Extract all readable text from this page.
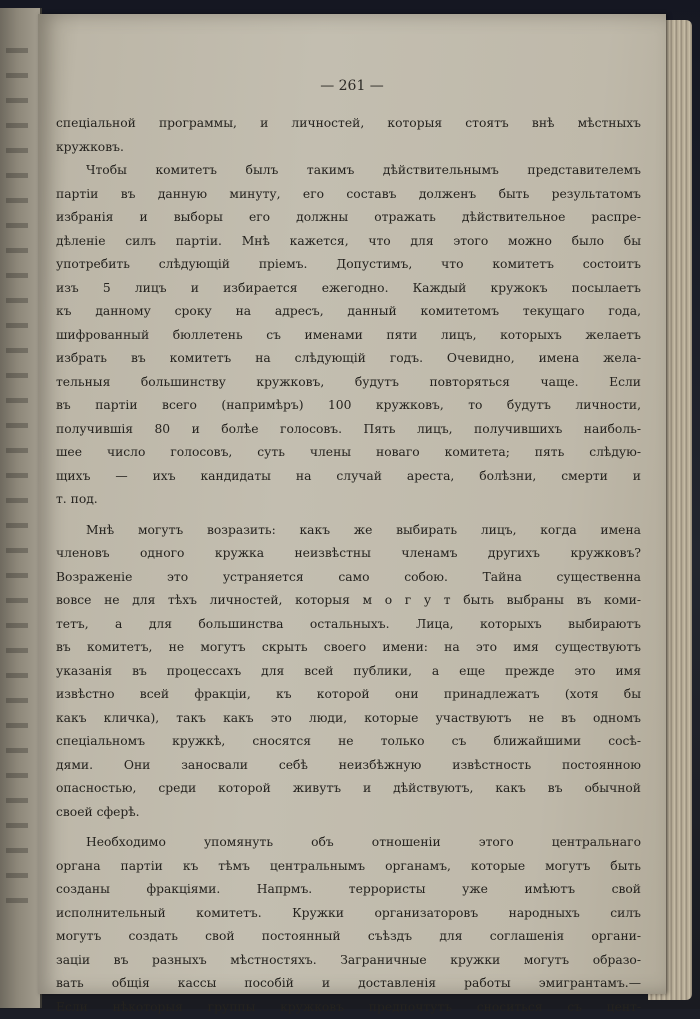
— 261 —
спеціальной программы, и личностей, которыя стоятъ внѣ мѣстныхъ
кружковъ.
Чтобы комитетъ былъ такимъ дѣйствительнымъ представителемъ
партіи въ данную минуту, его составъ долженъ быть результатомъ
избранія и выборы его должны отражать дѣйствительное распре-
дѣленіе силъ партіи. Мнѣ кажется, что для этого можно было бы
употребить слѣдующій пріемъ. Допустимъ, что комитетъ состоитъ
изъ 5 лицъ и избирается ежегодно. Каждый кружокъ посылаетъ
къ данному сроку на адресъ, данный комитетомъ текущаго года,
шифрованный бюллетень съ именами пяти лицъ, которыхъ желаетъ
избрать въ комитетъ на слѣдующій годъ. Очевидно, имена жела-
тельныя большинству кружковъ, будутъ повторяться чаще. Если
въ партіи всего (напримѣръ) 100 кружковъ, то будутъ личности,
получившія 80 и болѣе голосовъ. Пять лицъ, получившихъ наиболь-
шее число голосовъ, суть члены новаго комитета; пять слѣдую-
щихъ — ихъ кандидаты на случай ареста, болѣзни, смерти и
т. под.
Мнѣ могутъ возразить: какъ же выбирать лицъ, когда имена
членовъ одного кружка неизвѣстны членамъ другихъ кружковъ?
Возраженіе это устраняется само собою. Тайна существенна
вовсе не для тѣхъ личностей, которыя м о г у т быть выбраны въ коми-
тетъ, а для большинства остальныхъ. Лица, которыхъ выбираютъ
въ комитетъ, не могутъ скрыть своего имени: на это имя существуютъ
указанія въ процессахъ для всей публики, а еще прежде это имя
извѣстно всей фракціи, къ которой они принадлежатъ (хотя бы
какъ кличка), такъ какъ это люди, которые участвуютъ не въ одномъ
спеціальномъ кружкѣ, сносятся не только съ ближайшими сосѣ-
дями. Они заносвали себѣ неизбѣжную извѣстность постоянною
опасностью, среди которой живутъ и дѣйствуютъ, какъ въ обычной
своей сферѣ.
Необходимо упомянуть объ отношеніи этого центральнаго
органа партіи къ тѣмъ центральнымъ органамъ, которые могутъ быть
созданы фракціями. Напрмъ. террористы уже имѣютъ свой
исполнительный комитетъ. Кружки организаторовъ народныхъ силъ
могутъ создать свой постоянный съѣздъ для соглашенія органи-
заціи въ разныхъ мѣстностяхъ. Заграничные кружки могутъ образо-
вать общія кассы пособій и доставленія работы эмигрантамъ.—
Если нѣкоторыя группы кружковъ предпочтутъ сноситься съ цент-
